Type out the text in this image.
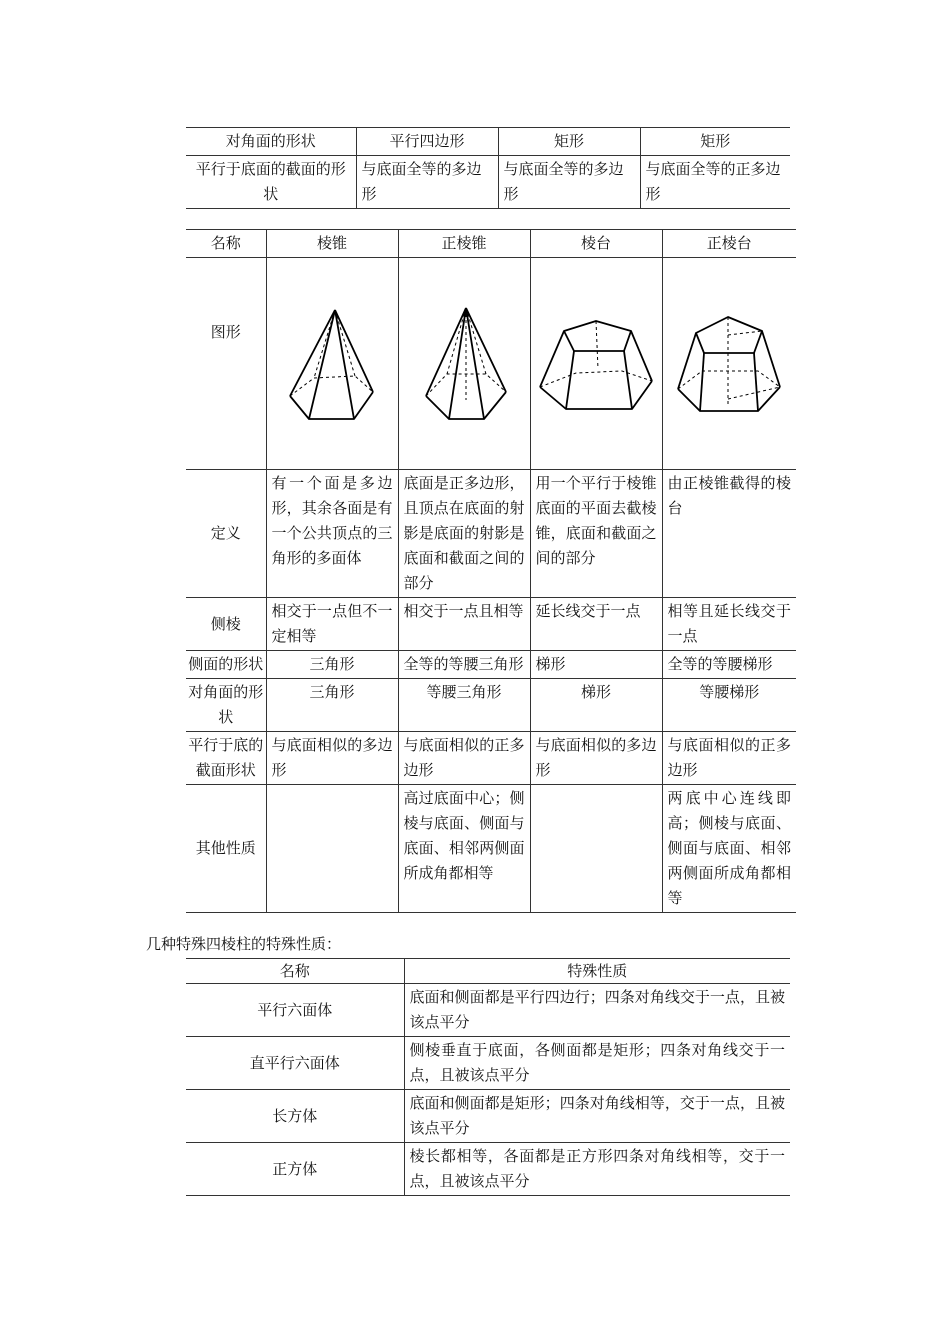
对角面的形状	平行四边形	矩形	矩形
平行于底面的截面的形状	与底面全等的多边形	与底面全等的多边形	与底面全等的正多边形
名称	棱锥	正棱锥	棱台	正棱台
图形	

定义	有一个面是多边形，其余各面是有一个公共顶点的三角形的多面体	底面是正多边形，且顶点在底面的射影是底面的射影是底面和截面之间的部分	用一个平行于棱锥底面的平面去截棱锥，底面和截面之间的部分	由正棱锥截得的棱台
侧棱	相交于一点但不一定相等	相交于一点且相等	延长线交于一点	相等且延长线交于一点
侧面的形状	三角形	全等的等腰三角形	梯形	全等的等腰梯形
对角面的形状	三角形	等腰三角形	梯形	等腰梯形
平行于底的截面形状	与底面相似的多边形	与底面相似的正多边形	与底面相似的多边形	与底面相似的正多边形
其他性质		高过底面中心；侧棱与底面、侧面与底面、相邻两侧面所成角都相等		两底中心连线即高；侧棱与底面、侧面与底面、相邻两侧面所成角都相等
几种特殊四棱柱的特殊性质：
名称	特殊性质
平行六面体	底面和侧面都是平行四边行；四条对角线交于一点，且被该点平分
直平行六面体	侧棱垂直于底面，各侧面都是矩形；四条对角线交于一点，且被该点平分
长方体	底面和侧面都是矩形；四条对角线相等，交于一点，且被该点平分
正方体	棱长都相等，各面都是正方形四条对角线相等，交于一点，且被该点平分
